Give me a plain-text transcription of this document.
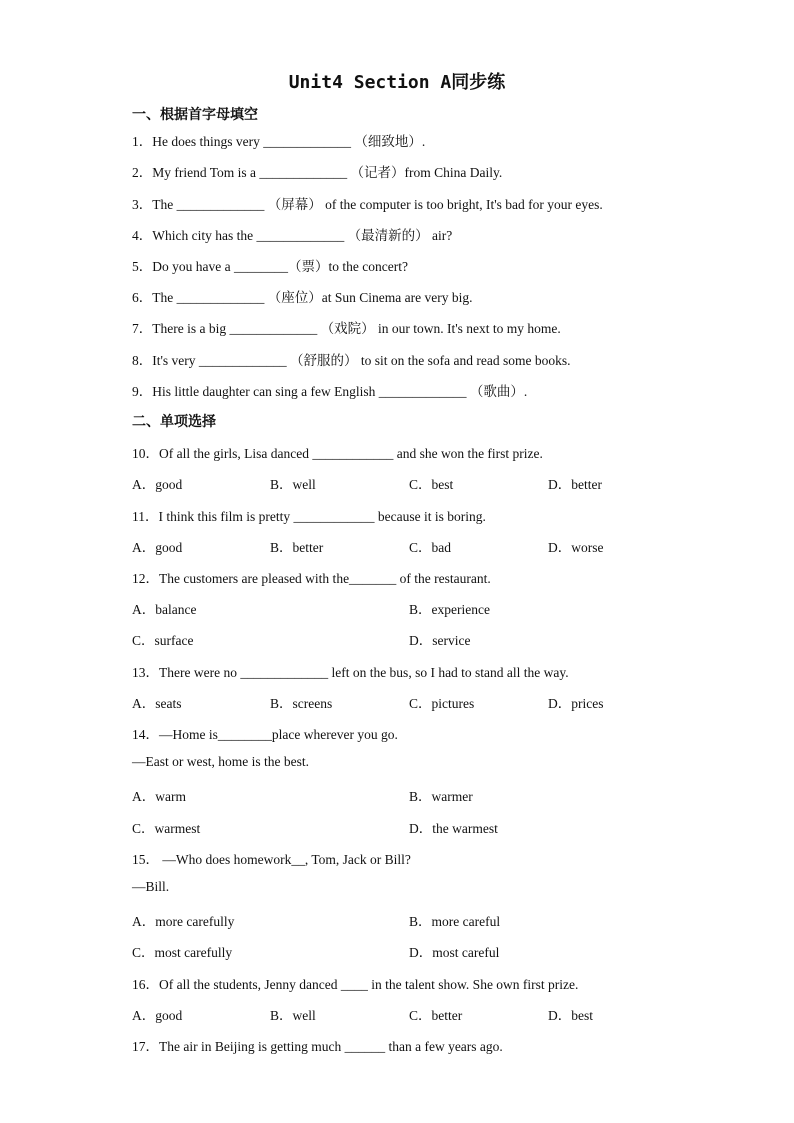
Unit4 Section A同步练
一、根据首字母填空
1．He does things very _____________ （细致地）.
2．My friend Tom is a _____________ （记者）from China Daily.
3．The _____________ （屏幕） of the computer is too bright, It's bad for your eyes.
4．Which city has the _____________ （最清新的） air?
5．Do you have a ________（票）to the concert?
6．The _____________ （座位）at Sun Cinema are very big.
7．There is a big _____________ （戏院） in our town. It's next to my home.
8．It's very _____________ （舒服的） to sit on the sofa and read some books.
9．His little daughter can sing a few English _____________ （歌曲）.
二、单项选择
10．Of all the girls, Lisa danced ____________ and she won the first prize.
A．good	B．well	C．best	D．better
11．I think this film is pretty ____________ because it is boring.
A．good	B．better	C．bad	D．worse
12．The customers are pleased with the_______ of the restaurant.
A．balance	B．experience
C．surface	D．service
13．There were no _____________ left on the bus, so I had to stand all the way.
A．seats	B．screens	C．pictures	D．prices
14．—Home is________place wherever you go.
—East or west, home is the best.
A．warm	B．warmer
C．warmest	D．the warmest
15． —Who does homework__, Tom, Jack or Bill?
—Bill.
A．more carefully	B．more careful
C．most carefully	D．most careful
16．Of all the students, Jenny danced ____ in the talent show. She own first prize.
A．good	B．well	C．better	D．best
17．The air in Beijing is getting much ______ than a few years ago.
